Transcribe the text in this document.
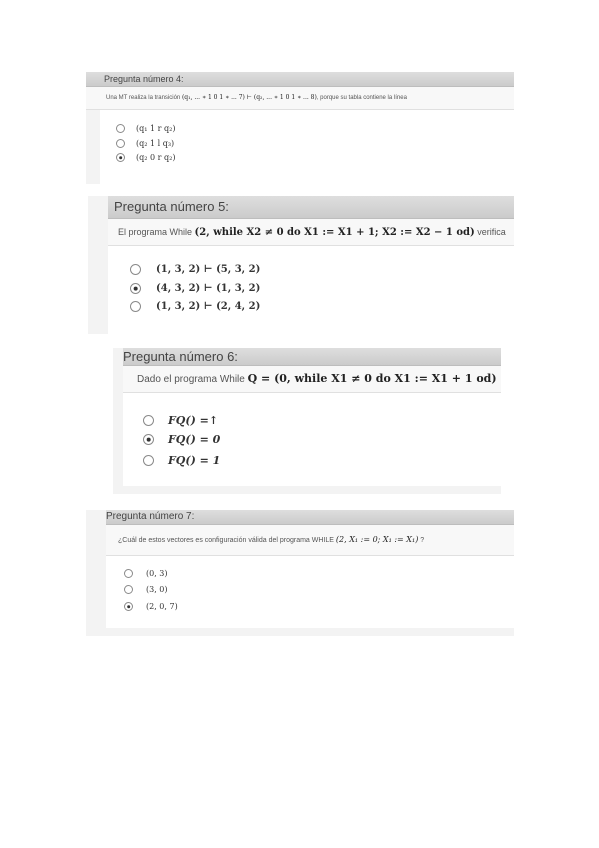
Pregunta número 4:
Una MT realiza la transición (q₁, ... ∗ 1 0 1 ∗ ... 7) ⊢ (q₂, ... ∗ 1 0 1 ∗ ... 8), porque su tabla contiene la línea
(q₁ 1 r q₂)
(q₂ 1 l q₃)
(q₂ 0 r q₂)
Pregunta número 5:
El programa While (2, while X2 ≠ 0 do X1 := X1 + 1; X2 := X2 − 1 od) verifica
(1, 3, 2) ⊢ (5, 3, 2)
(4, 3, 2) ⊢ (1, 3, 2)
(1, 3, 2) ⊢ (2, 4, 2)
Pregunta número 6:
Dado el programa While Q = (0, while X1 ≠ 0 do X1 := X1 + 1 od)
FQ() =↑
FQ() = 0
FQ() = 1
Pregunta número 7:
¿Cuál de estos vectores es configuración válida del programa WHILE (2, X₁ := 0; X₁ := X₁) ?
(0, 3)
(3, 0)
(2, 0, 7)
